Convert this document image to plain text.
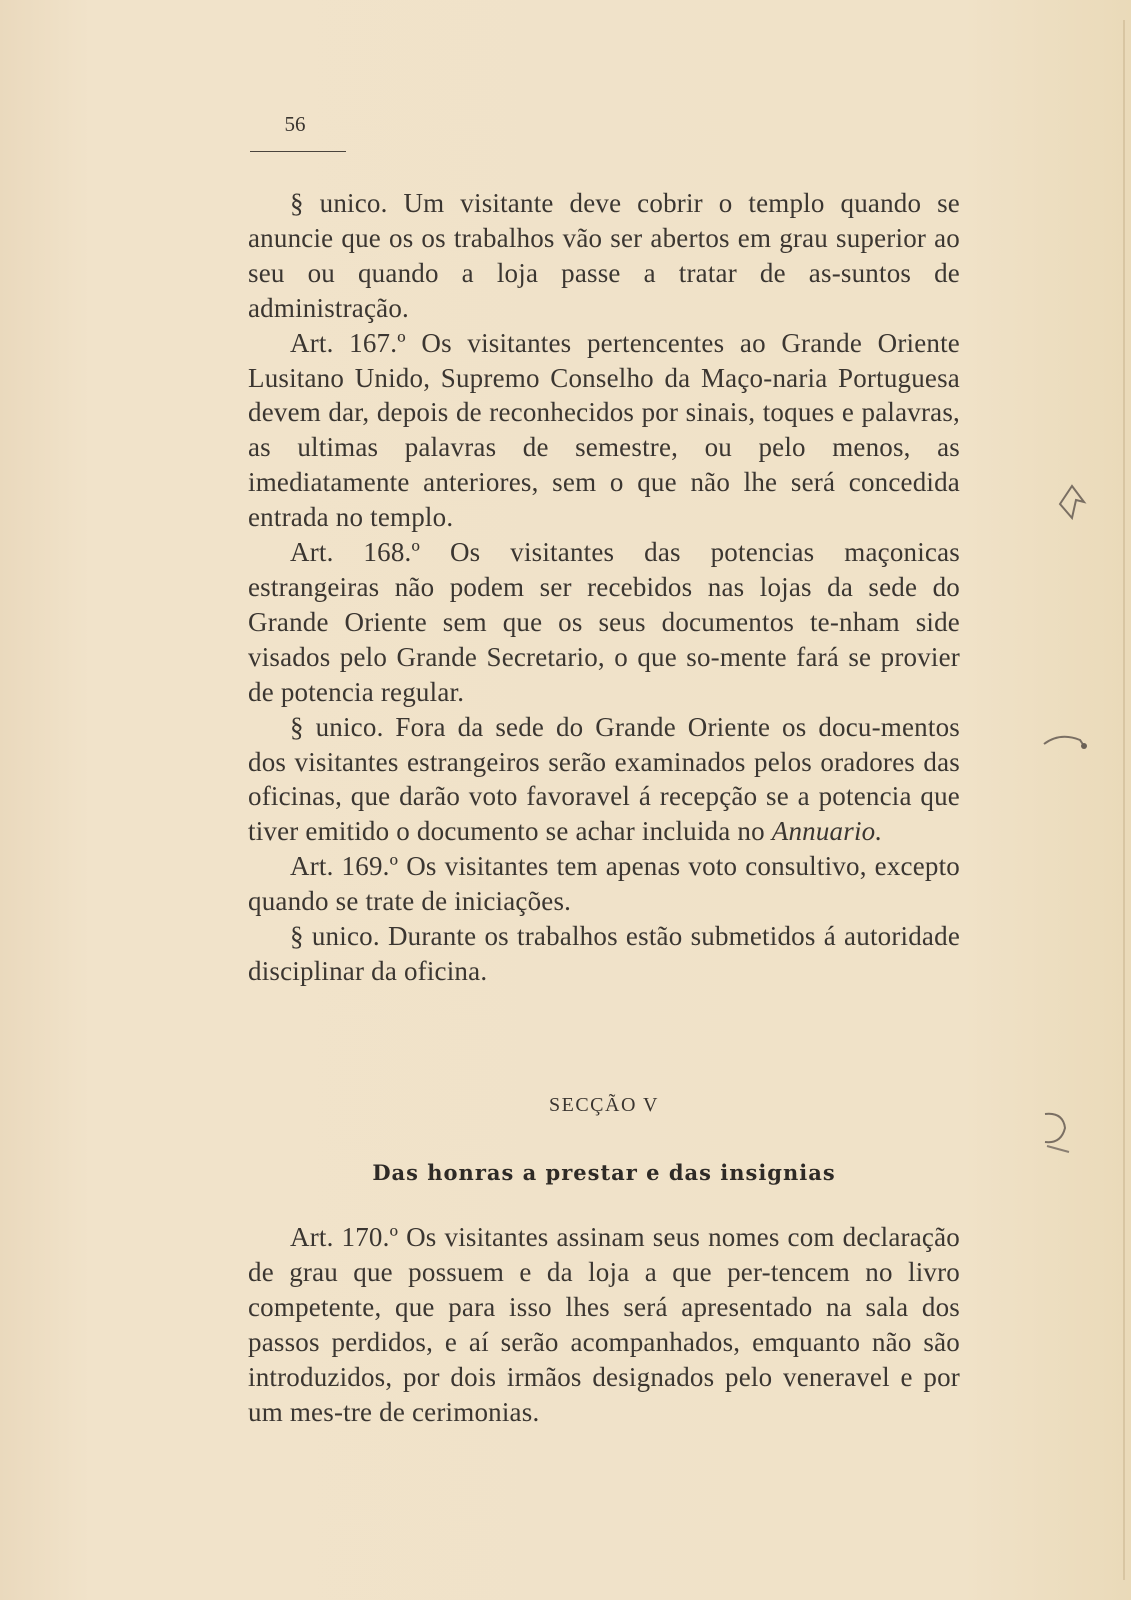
56

§ unico. Um visitante deve cobrir o templo quando se anuncie que os os trabalhos vão ser abertos em grau superior ao seu ou quando a loja passe a tratar de as-suntos de administração.

Art. 167.º Os visitantes pertencentes ao Grande Oriente Lusitano Unido, Supremo Conselho da Maço-naria Portuguesa devem dar, depois de reconhecidos por sinais, toques e palavras, as ultimas palavras de semestre, ou pelo menos, as imediatamente anteriores, sem o que não lhe será concedida entrada no templo.

Art. 168.º Os visitantes das potencias maçonicas estrangeiras não podem ser recebidos nas lojas da sede do Grande Oriente sem que os seus documentos te-nham side visados pelo Grande Secretario, o que so-mente fará se provier de potencia regular.

§ unico. Fora da sede do Grande Oriente os docu-mentos dos visitantes estrangeiros serão examinados pelos oradores das oficinas, que darão voto favoravel á recepção se a potencia que tiver emitido o documento se achar incluida no Annuario.

Art. 169.º Os visitantes tem apenas voto consultivo, excepto quando se trate de iniciações.

§ unico. Durante os trabalhos estão submetidos á autoridade disciplinar da oficina.

SECÇÃO V
Das honras a prestar e das insignias

Art. 170.º Os visitantes assinam seus nomes com declaração de grau que possuem e da loja a que per-tencem no livro competente, que para isso lhes será apresentado na sala dos passos perdidos, e aí serão acompanhados, emquanto não são introduzidos, por dois irmãos designados pelo veneravel e por um mes-tre de cerimonias.
